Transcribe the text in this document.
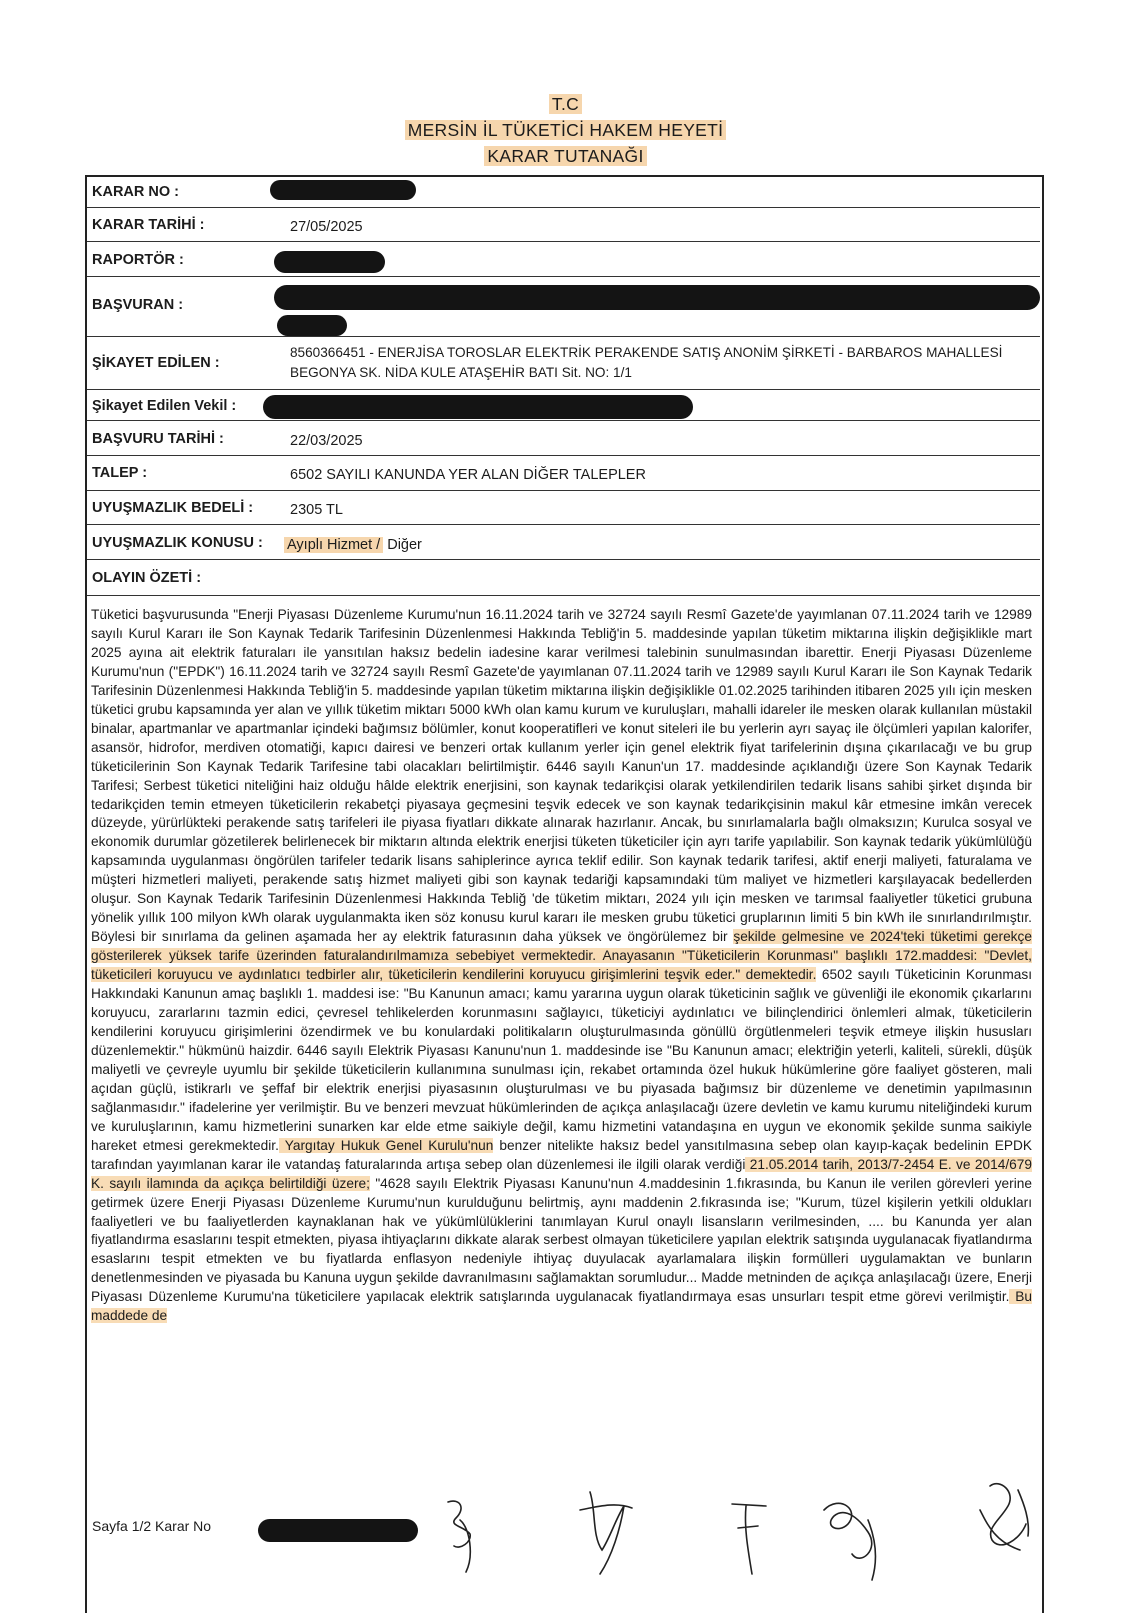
T.C
MERSİN İL TÜKETİCİ HAKEM HEYETİ
KARAR TUTANAĞI
KARAR NO :
KARAR TARİHİ :	27/05/2025
RAPORTÖR :
BAŞVURAN :
ŞİKAYET EDİLEN :
8560366451 - ENERJİSA TOROSLAR ELEKTRİK PERAKENDE SATIŞ ANONİM ŞİRKETİ - BARBAROS MAHALLESİ
BEGONYA SK. NİDA KULE ATAŞEHİR BATI Sit. NO: 1/1
Şikayet Edilen Vekil :
BAŞVURU TARİHİ :	22/03/2025
TALEP :	6502 SAYILI KANUNDA YER ALAN DİĞER TALEPLER
UYUŞMAZLIK BEDELİ :	2305 TL
UYUŞMAZLIK KONUSU : Ayıplı Hizmet / Diğer
OLAYIN ÖZETİ :

Tüketici başvurusunda "Enerji Piyasası Düzenleme Kurumu'nun 16.11.2024 tarih ve 32724 sayılı Resmî Gazete'de yayımlanan 07.11.2024 tarih ve 12989 sayılı Kurul Kararı ile Son Kaynak Tedarik Tarifesinin Düzenlenmesi Hakkında Tebliğ'in 5. maddesinde yapılan tüketim miktarına ilişkin değişiklikle mart 2025 ayına ait elektrik faturaları ile yansıtılan haksız bedelin iadesine karar verilmesi talebinin sunulmasından ibarettir. Enerji Piyasası Düzenleme Kurumu'nun ("EPDK") 16.11.2024 tarih ve 32724 sayılı Resmî Gazete'de yayımlanan 07.11.2024 tarih ve 12989 sayılı Kurul Kararı ile Son Kaynak Tedarik Tarifesinin Düzenlenmesi Hakkında Tebliğ'in 5. maddesinde yapılan tüketim miktarına ilişkin değişiklikle 01.02.2025 tarihinden itibaren 2025 yılı için mesken tüketici grubu kapsamında yer alan ve yıllık tüketim miktarı 5000 kWh olan kamu kurum ve kuruluşları, mahalli idareler ile mesken olarak kullanılan müstakil binalar, apartmanlar ve apartmanlar içindeki bağımsız bölümler, konut kooperatifleri ve konut siteleri ile bu yerlerin ayrı sayaç ile ölçümleri yapılan kalorifer, asansör, hidrofor, merdiven otomatiği, kapıcı dairesi ve benzeri ortak kullanım yerler için genel elektrik fiyat tarifelerinin dışına çıkarılacağı ve bu grup tüketicilerinin Son Kaynak Tedarik Tarifesine tabi olacakları belirtilmiştir. 6446 sayılı Kanun'un 17. maddesinde açıklandığı üzere Son Kaynak Tedarik Tarifesi; Serbest tüketici niteliğini haiz olduğu hâlde elektrik enerjisini, son kaynak tedarikçisi olarak yetkilendirilen tedarik lisans sahibi şirket dışında bir tedarikçiden temin etmeyen tüketicilerin rekabetçi piyasaya geçmesini teşvik edecek ve son kaynak tedarikçisinin makul kâr etmesine imkân verecek düzeyde, yürürlükteki perakende satış tarifeleri ile piyasa fiyatları dikkate alınarak hazırlanır. Ancak, bu sınırlamalarla bağlı olmaksızın; Kurulca sosyal ve ekonomik durumlar gözetilerek belirlenecek bir miktarın altında elektrik enerjisi tüketen tüketiciler için ayrı tarife yapılabilir. Son kaynak tedarik yükümlülüğü kapsamında uygulanması öngörülen tarifeler tedarik lisans sahiplerince ayrıca teklif edilir. Son kaynak tedarik tarifesi, aktif enerji maliyeti, faturalama ve müşteri hizmetleri maliyeti, perakende satış hizmet maliyeti gibi son kaynak tedariği kapsamındaki tüm maliyet ve hizmetleri karşılayacak bedellerden oluşur. Son Kaynak Tedarik Tarifesinin Düzenlenmesi Hakkında Tebliğ 'de tüketim miktarı, 2024 yılı için mesken ve tarımsal faaliyetler tüketici grubuna yönelik yıllık 100 milyon kWh olarak uygulanmakta iken söz konusu kurul kararı ile mesken grubu tüketici gruplarının limiti 5 bin kWh ile sınırlandırılmıştır. Böylesi bir sınırlama da gelinen aşamada her ay elektrik faturasının daha yüksek ve öngörülemez bir şekilde gelmesine ve 2024'teki tüketimi gerekçe gösterilerek yüksek tarife üzerinden faturalandırılmamıza sebebiyet vermektedir. Anayasanın "Tüketicilerin Korunması" başlıklı 172.maddesi: "Devlet, tüketicileri koruyucu ve aydınlatıcı tedbirler alır, tüketicilerin kendilerini koruyucu girişimlerini teşvik eder." demektedir. 6502 sayılı Tüketicinin Korunması Hakkındaki Kanunun amaç başlıklı 1. maddesi ise: "Bu Kanunun amacı; kamu yararına uygun olarak tüketicinin sağlık ve güvenliği ile ekonomik çıkarlarını koruyucu, zararlarını tazmin edici, çevresel tehlikelerden korunmasını sağlayıcı, tüketiciyi aydınlatıcı ve bilinçlendirici önlemleri almak, tüketicilerin kendilerini koruyucu girişimlerini özendirmek ve bu konulardaki politikaların oluşturulmasında gönüllü örgütlenmeleri teşvik etmeye ilişkin hususları düzenlemektir." hükmünü haizdir. 6446 sayılı Elektrik Piyasası Kanunu'nun 1. maddesinde ise "Bu Kanunun amacı; elektriğin yeterli, kaliteli, sürekli, düşük maliyetli ve çevreyle uyumlu bir şekilde tüketicilerin kullanımına sunulması için, rekabet ortamında özel hukuk hükümlerine göre faaliyet gösteren, mali açıdan güçlü, istikrarlı ve şeffaf bir elektrik enerjisi piyasasının oluşturulması ve bu piyasada bağımsız bir düzenleme ve denetimin yapılmasının sağlanmasıdır." ifadelerine yer verilmiştir. Bu ve benzeri mevzuat hükümlerinden de açıkça anlaşılacağı üzere devletin ve kamu kurumu niteliğindeki kurum ve kuruluşlarının, kamu hizmetlerini sunarken kar elde etme saikiyle değil, kamu hizmetini vatandaşına en uygun ve ekonomik şekilde sunma saikiyle hareket etmesi gerekmektedir. Yargıtay Hukuk Genel Kurulu'nun benzer nitelikte haksız bedel yansıtılmasına sebep olan kayıp-kaçak bedelinin EPDK tarafından yayımlanan karar ile vatandaş faturalarında artışa sebep olan düzenlemesi ile ilgili olarak verdiği 21.05.2014 tarih, 2013/7-2454 E. ve 2014/679 K. sayılı ilamında da açıkça belirtildiği üzere; "4628 sayılı Elektrik Piyasası Kanunu'nun 4.maddesinin 1.fıkrasında, bu Kanun ile verilen görevleri yerine getirmek üzere Enerji Piyasası Düzenleme Kurumu'nun kurulduğunu belirtmiş, aynı maddenin 2.fıkrasında ise; "Kurum, tüzel kişilerin yetkili oldukları faaliyetleri ve bu faaliyetlerden kaynaklanan hak ve yükümlülüklerini tanımlayan Kurul onaylı lisansların verilmesinden, .... bu Kanunda yer alan fiyatlandırma esaslarını tespit etmekten, piyasa ihtiyaçlarını dikkate alarak serbest olmayan tüketicilere yapılan elektrik satışında uygulanacak fiyatlandırma esaslarını tespit etmekten ve bu fiyatlarda enflasyon nedeniyle ihtiyaç duyulacak ayarlamalara ilişkin formülleri uygulamaktan ve bunların denetlenmesinden ve piyasada bu Kanuna uygun şekilde davranılmasını sağlamaktan sorumludur... Madde metninden de açıkça anlaşılacağı üzere, Enerji Piyasası Düzenleme Kurumu'na tüketicilere yapılacak elektrik satışlarında uygulanacak fiyatlandırmaya esas unsurları tespit etme görevi verilmiştir. Bu maddede de

Sayfa 1/2 Karar No
